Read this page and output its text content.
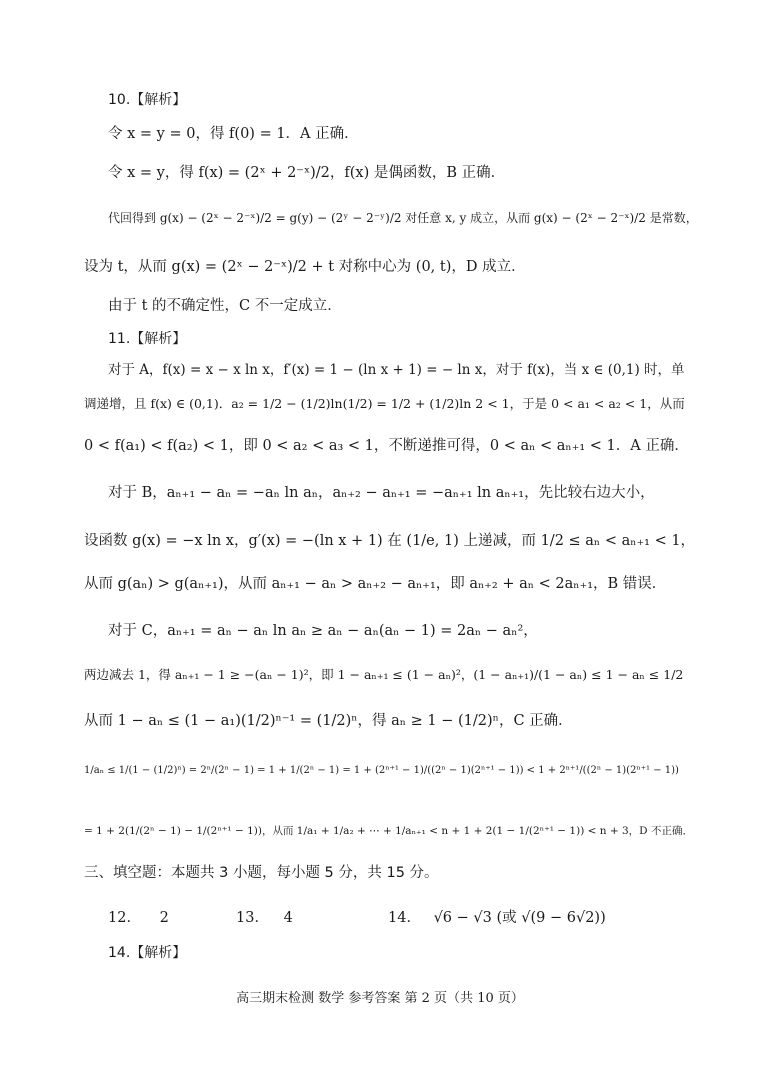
10.【解析】
令 x = y = 0，得 f(0) = 1．A 正确．
令 x = y，得 f(x) = (2ˣ + 2⁻ˣ)/2，f(x) 是偶函数，B 正确．
代回得到 g(x) − (2ˣ − 2⁻ˣ)/2 = g(y) − (2ʸ − 2⁻ʸ)/2 对任意 x, y 成立，从而 g(x) − (2ˣ − 2⁻ˣ)/2 是常数，
设为 t，从而 g(x) = (2ˣ − 2⁻ˣ)/2 + t 对称中心为 (0, t)，D 成立．
由于 t 的不确定性，C 不一定成立．
11.【解析】
对于 A，f(x) = x − x ln x，f′(x) = 1 − (ln x + 1) = − ln x，对于 f(x)，当 x ∈ (0,1) 时，单
调递增，且 f(x) ∈ (0,1)．a₂ = 1/2 − (1/2)ln(1/2) = 1/2 + (1/2)ln 2 < 1，于是 0 < a₁ < a₂ < 1，从而
0 < f(a₁) < f(a₂) < 1，即 0 < a₂ < a₃ < 1，不断递推可得，0 < aₙ < aₙ₊₁ < 1．A 正确．
对于 B，aₙ₊₁ − aₙ = −aₙ ln aₙ，aₙ₊₂ − aₙ₊₁ = −aₙ₊₁ ln aₙ₊₁，先比较右边大小，
设函数 g(x) = −x ln x，g′(x) = −(ln x + 1) 在 (1/e, 1) 上递减，而 1/2 ≤ aₙ < aₙ₊₁ < 1，
从而 g(aₙ) > g(aₙ₊₁)，从而 aₙ₊₁ − aₙ > aₙ₊₂ − aₙ₊₁，即 aₙ₊₂ + aₙ < 2aₙ₊₁，B 错误．
对于 C，aₙ₊₁ = aₙ − aₙ ln aₙ ≥ aₙ − aₙ(aₙ − 1) = 2aₙ − aₙ²，
两边减去 1，得 aₙ₊₁ − 1 ≥ −(aₙ − 1)²，即 1 − aₙ₊₁ ≤ (1 − aₙ)²，(1 − aₙ₊₁)/(1 − aₙ) ≤ 1 − aₙ ≤ 1/2
从而 1 − aₙ ≤ (1 − a₁)(1/2)ⁿ⁻¹ = (1/2)ⁿ，得 aₙ ≥ 1 − (1/2)ⁿ，C 正确．
1/aₙ ≤ 1/(1 − (1/2)ⁿ) = 2ⁿ/(2ⁿ − 1) = 1 + 1/(2ⁿ − 1) = 1 + (2ⁿ⁺¹ − 1)/((2ⁿ − 1)(2ⁿ⁺¹ − 1)) < 1 + 2ⁿ⁺¹/((2ⁿ − 1)(2ⁿ⁺¹ − 1))
= 1 + 2(1/(2ⁿ − 1) − 1/(2ⁿ⁺¹ − 1))，从而 1/a₁ + 1/a₂ + ⋯ + 1/aₙ₊₁ < n + 1 + 2(1 − 1/(2ⁿ⁺¹ − 1)) < n + 3，D 不正确．
三、填空题：本题共 3 小题，每小题 5 分，共 15 分。
12． 2	13． 4	14． √6 − √3 (或 √(9 − 6√2))
14.【解析】
高三期末检测 数学 参考答案 第 2 页（共 10 页）
